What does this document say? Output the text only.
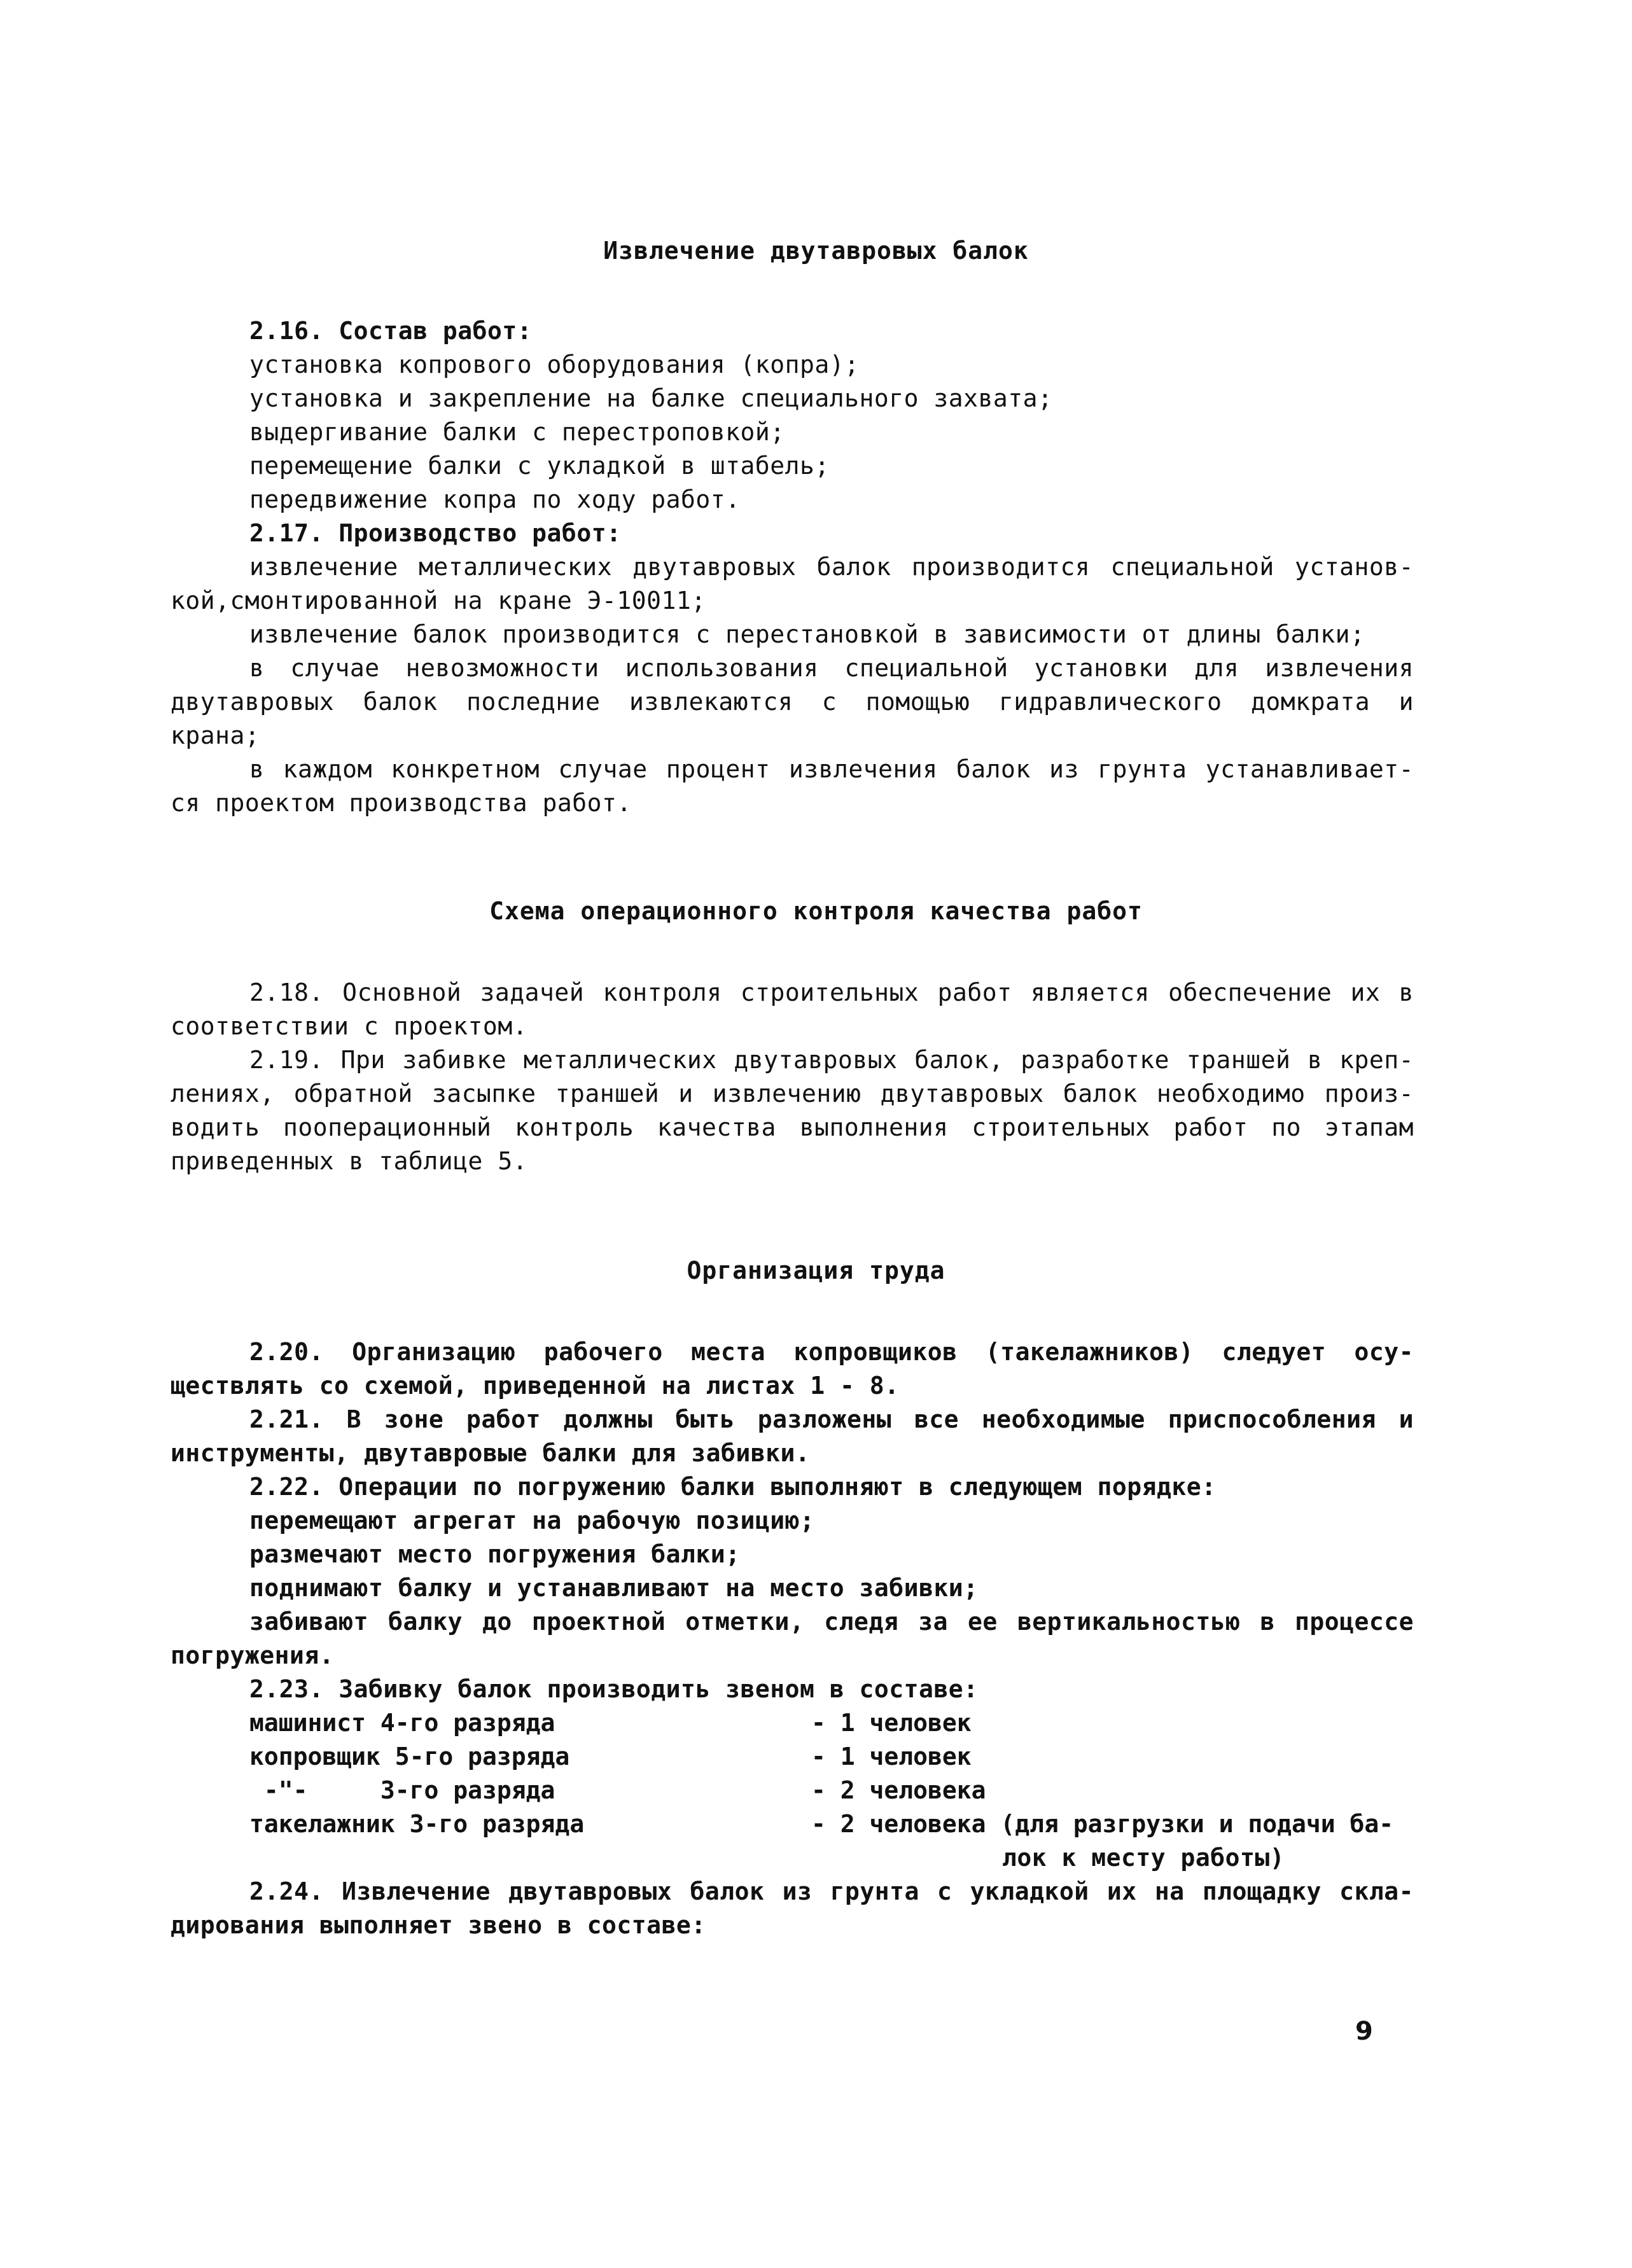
Извлечение двутавровых балок
2.16. Состав работ:
установка копрового оборудования (копра);
установка и закрепление на балке специального захвата;
выдергивание балки с перестроповкой;
перемещение балки с укладкой в штабель;
передвижение копра по ходу работ.
2.17. Производство работ:
извлечение металлических двутавровых балок производится специальной установ-
кой,смонтированной на кране Э-10011;
извлечение балок производится с перестановкой в зависимости от длины балки;
в случае невозможности использования специальной установки для извлечения
двутавровых балок последние извлекаются с помощью гидравлического домкрата и
крана;
в каждом конкретном случае процент извлечения балок из грунта устанавливает-
ся проектом производства работ.
Схема операционного контроля качества работ
2.18. Основной задачей контроля строительных работ является обеспечение их в
соответствии с проектом.
2.19. При забивке металлических двутавровых балок, разработке траншей в креп-
лениях, обратной засыпке траншей и извлечению двутавровых балок необходимо произ-
водить пооперационный контроль качества выполнения строительных работ по этапам
приведенных в таблице 5.
Организация труда
2.20. Организацию рабочего места копровщиков (такелажников) следует осу-
ществлять со схемой, приведенной на листах 1 - 8.
2.21. В зоне работ должны быть разложены все необходимые приспособления и
инструменты, двутавровые балки для забивки.
2.22. Операции по погружению балки выполняют в следующем порядке:
перемещают агрегат на рабочую позицию;
размечают место погружения балки;
поднимают балку и устанавливают на место забивки;
забивают балку до проектной отметки, следя за ее вертикальностью в процессе
погружения.
2.23. Забивку балок производить звеном в составе:
машинист 4-го разряда	- 1 человек
копровщик 5-го разряда	- 1 человек
-"-     3-го разряда	- 2 человека
такелажник 3-го разряда	- 2 человека (для разгрузки и подачи ба-
лок к месту работы)
2.24. Извлечение двутавровых балок из грунта с укладкой их на площадку скла-
дирования выполняет звено в составе:
9
